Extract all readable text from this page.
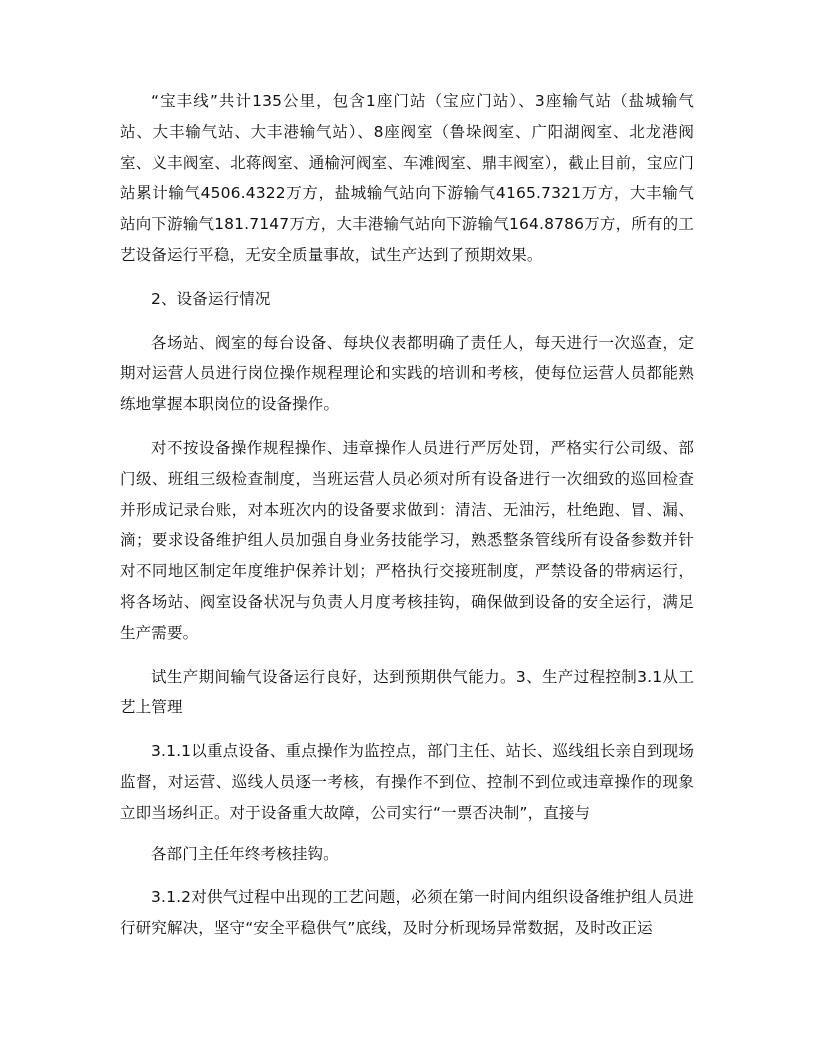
“宝丰线”共计135公里，包含1座门站（宝应门站）、3座输气站（盐城输气站、大丰输气站、大丰港输气站）、8座阀室（鲁垛阀室、广阳湖阀室、北龙港阀室、义丰阀室、北蒋阀室、通榆河阀室、车滩阀室、鼎丰阀室），截止目前，宝应门站累计输气4506.4322万方，盐城输气站向下游输气4165.7321万方，大丰输气站向下游输气181.7147万方，大丰港输气站向下游输气164.8786万方，所有的工艺设备运行平稳，无安全质量事故，试生产达到了预期效果。

2、设备运行情况

各场站、阀室的每台设备、每块仪表都明确了责任人，每天进行一次巡查，定期对运营人员进行岗位操作规程理论和实践的培训和考核，使每位运营人员都能熟练地掌握本职岗位的设备操作。

对不按设备操作规程操作、违章操作人员进行严厉处罚，严格实行公司级、部门级、班组三级检查制度，当班运营人员必须对所有设备进行一次细致的巡回检查并形成记录台账，对本班次内的设备要求做到：清洁、无油污，杜绝跑、冒、漏、滴；要求设备维护组人员加强自身业务技能学习，熟悉整条管线所有设备参数并针对不同地区制定年度维护保养计划；严格执行交接班制度，严禁设备的带病运行，将各场站、阀室设备状况与负责人月度考核挂钩，确保做到设备的安全运行，满足生产需要。

试生产期间输气设备运行良好，达到预期供气能力。3、生产过程控制3.1从工艺上管理

3.1.1以重点设备、重点操作为监控点，部门主任、站长、巡线组长亲自到现场监督，对运营、巡线人员逐一考核，有操作不到位、控制不到位或违章操作的现象立即当场纠正。对于设备重大故障，公司实行“一票否决制”，直接与

各部门主任年终考核挂钩。

3.1.2对供气过程中出现的工艺问题，必须在第一时间内组织设备维护组人员进行研究解决，坚守“安全平稳供气”底线，及时分析现场异常数据，及时改正运
